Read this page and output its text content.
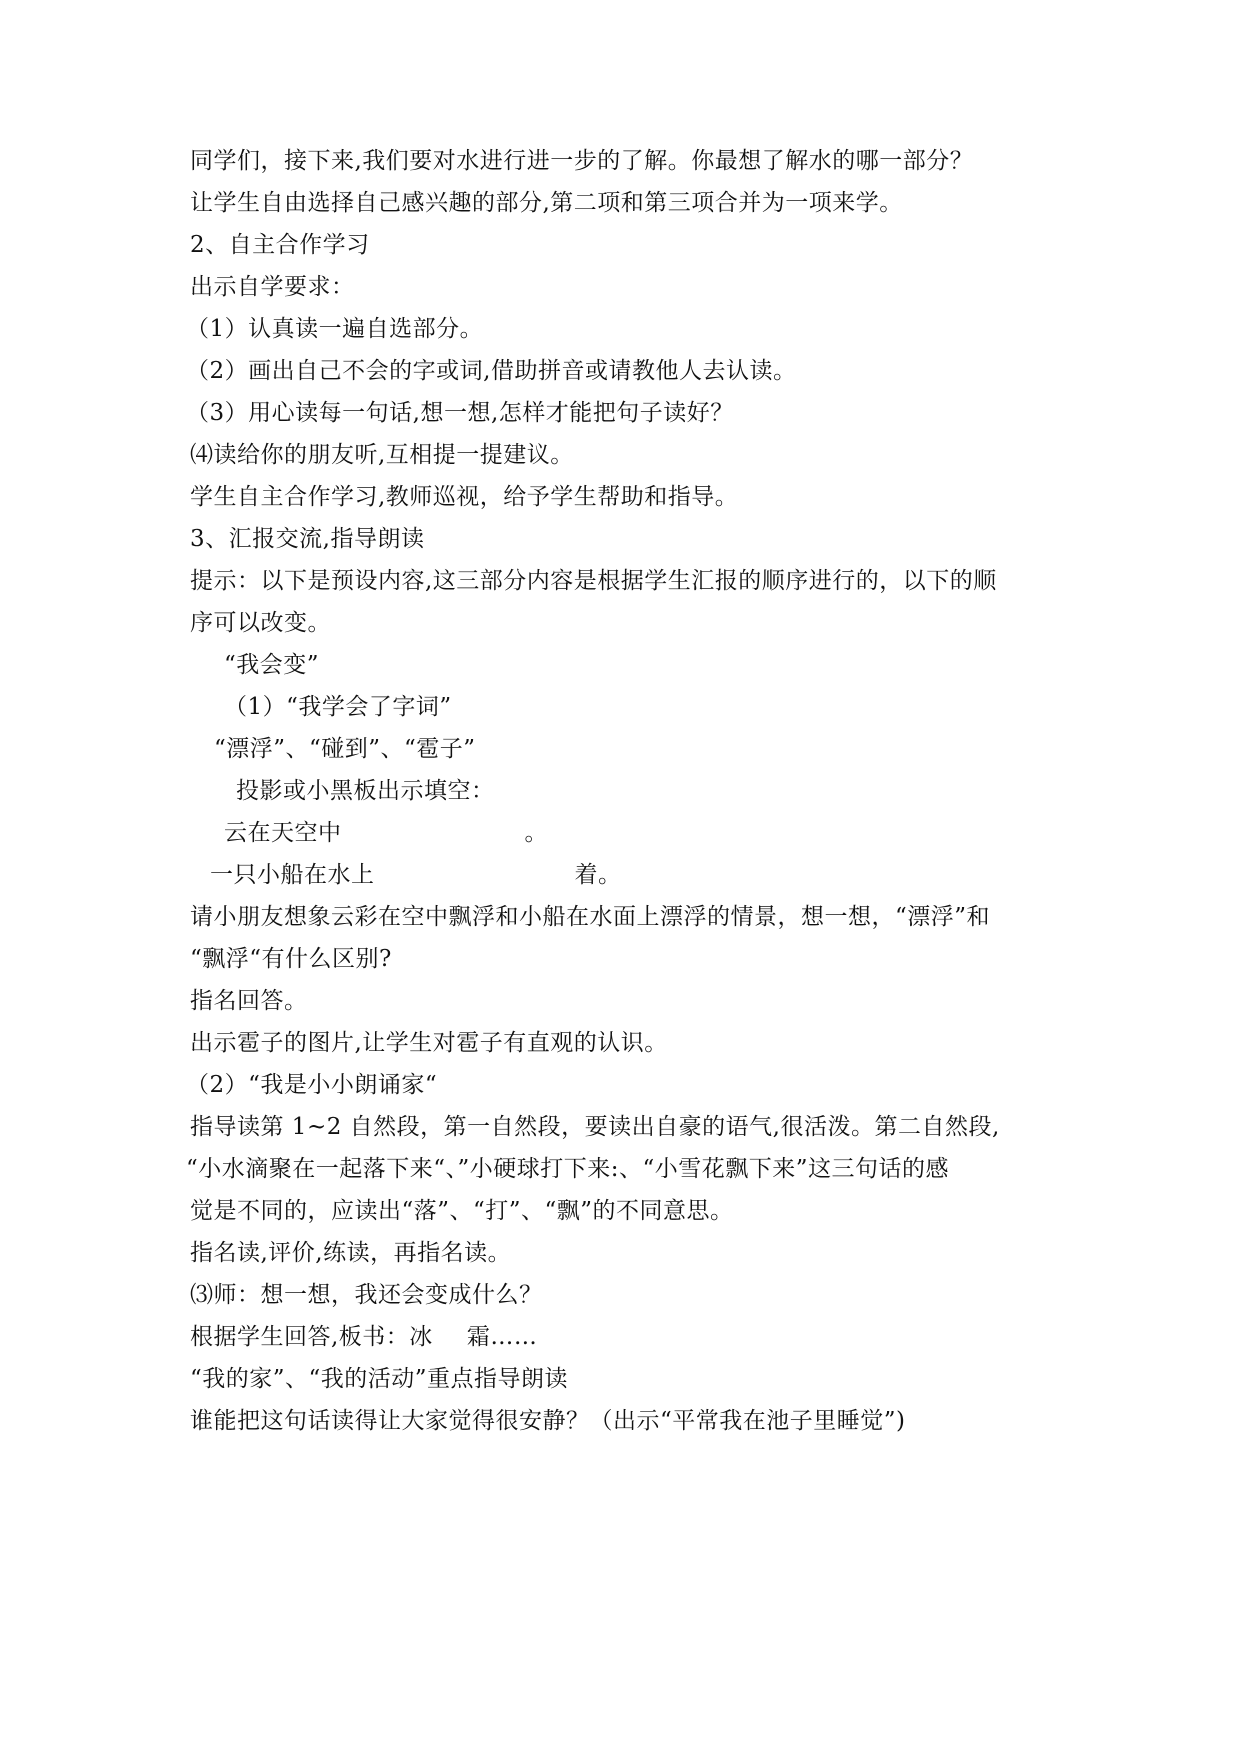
同学们，接下来,我们要对水进行进一步的了解。你最想了解水的哪一部分？
让学生自由选择自己感兴趣的部分,第二项和第三项合并为一项来学。
2、自主合作学习
出示自学要求：
（1）认真读一遍自选部分。
（2）画出自己不会的字或词,借助拼音或请教他人去认读。
（3）用心读每一句话,想一想,怎样才能把句子读好？
⑷读给你的朋友听,互相提一提建议。
学生自主合作学习,教师巡视，给予学生帮助和指导。
3、汇报交流,指导朗读
提示：以下是预设内容,这三部分内容是根据学生汇报的顺序进行的，以下的顺
序可以改变。
“我会变”
（1）“我学会了字词”
“漂浮”、“碰到”、“雹子”
投影或小黑板出示填空：
云在天空中	。
一只小船在水上	着。
请小朋友想象云彩在空中飘浮和小船在水面上漂浮的情景，想一想，“漂浮”和
“飘浮“有什么区别?
指名回答。
出示雹子的图片,让学生对雹子有直观的认识。
（2）“我是小小朗诵家“
指导读第 1~2 自然段，第一自然段，要读出自豪的语气,很活泼。第二自然段,
“小水滴聚在一起落下来“、”小硬球打下来:、“小雪花飘下来”这三句话的感
觉是不同的，应读出“落”、“打”、“飘”的不同意思。
指名读,评价,练读，再指名读。
⑶师：想一想，我还会变成什么？
根据学生回答,板书：冰 霜……
“我的家”、“我的活动”重点指导朗读
谁能把这句话读得让大家觉得很安静？（出示“平常我在池子里睡觉”)
